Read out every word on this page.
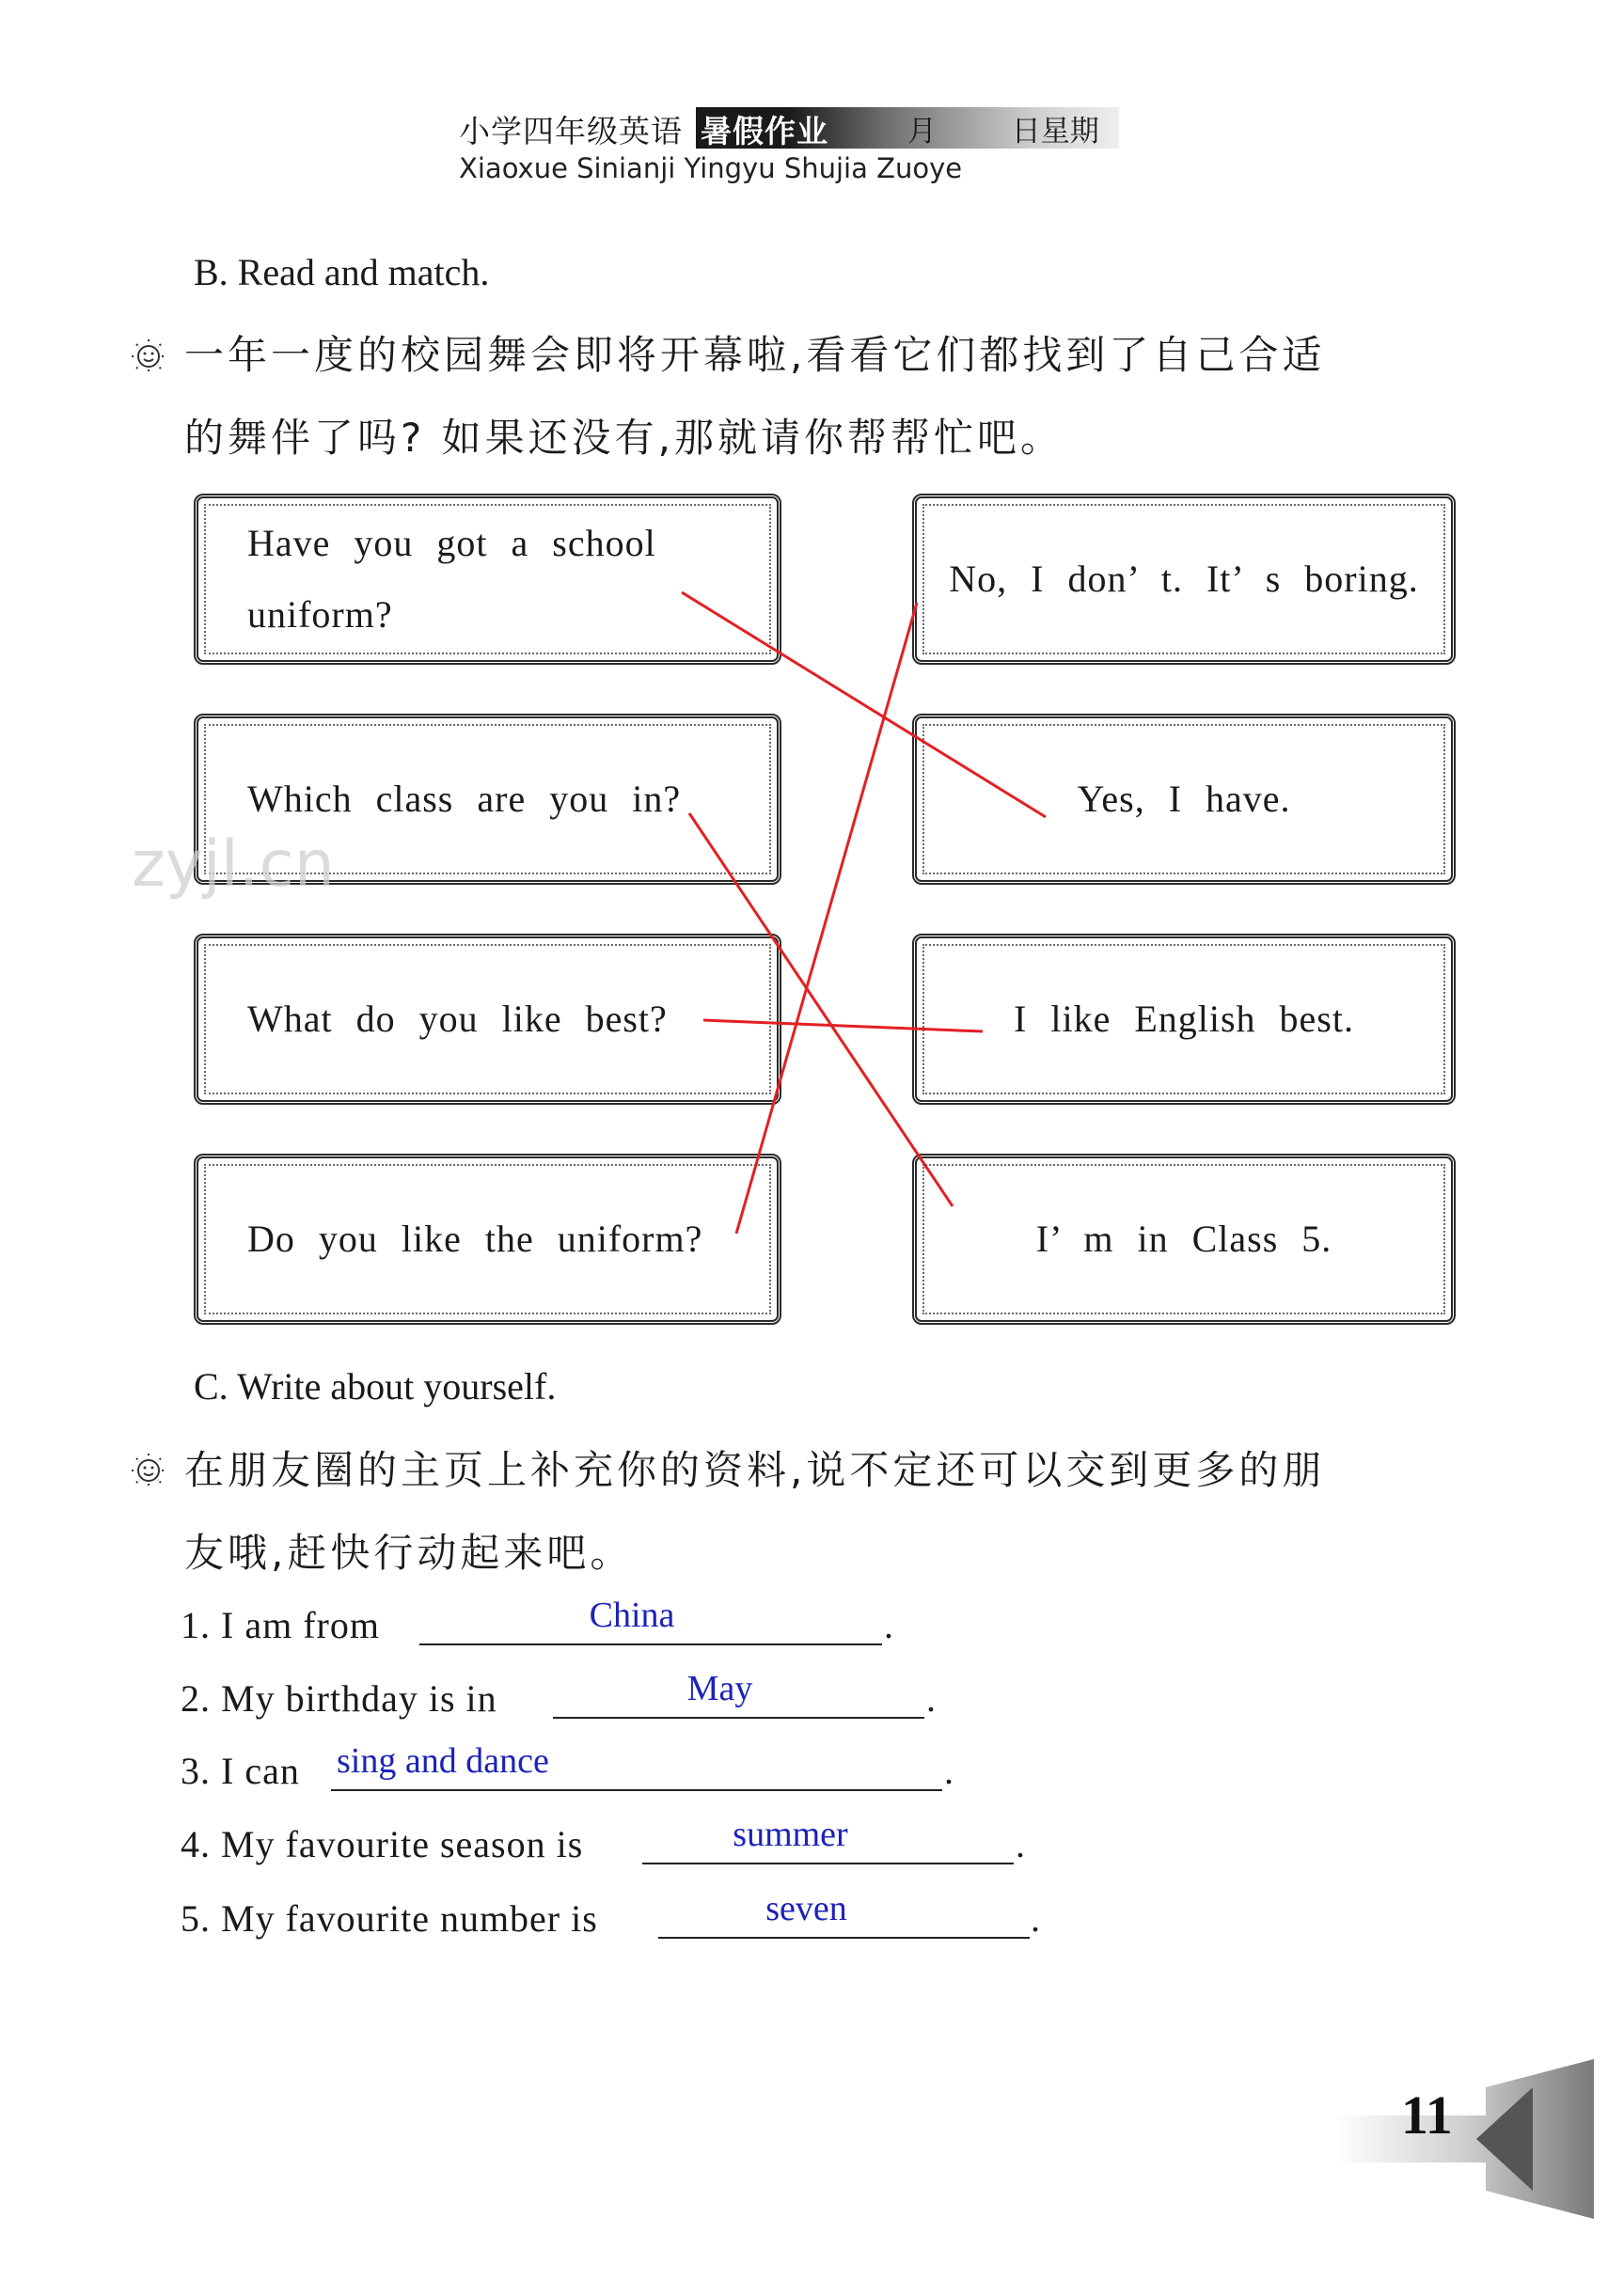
小学四年级英语 暑假作业	月	日星期
Xiaoxue Sinianji Yingyu Shujia Zuoye
B. Read and match.
一年一度的校园舞会即将开幕啦,看看它们都找到了自己合适
的舞伴了吗? 如果还没有,那就请你帮帮忙吧。
Have you got a school uniform?
Which class are you in?
What do you like best?
Do you like the uniform?
No, I don’ t. It’ s boring.
Yes, I have.
I like English best.
I’ m in Class 5.
zyjl.cn
C. Write about yourself.
在朋友圈的主页上补充你的资料,说不定还可以交到更多的朋
友哦,赶快行动起来吧。
1. I am from	China	.
2. My birthday is in	May	.
3. I can sing and dance	.
4. My favourite season is	summer	.
5. My favourite number is	seven	.
11
